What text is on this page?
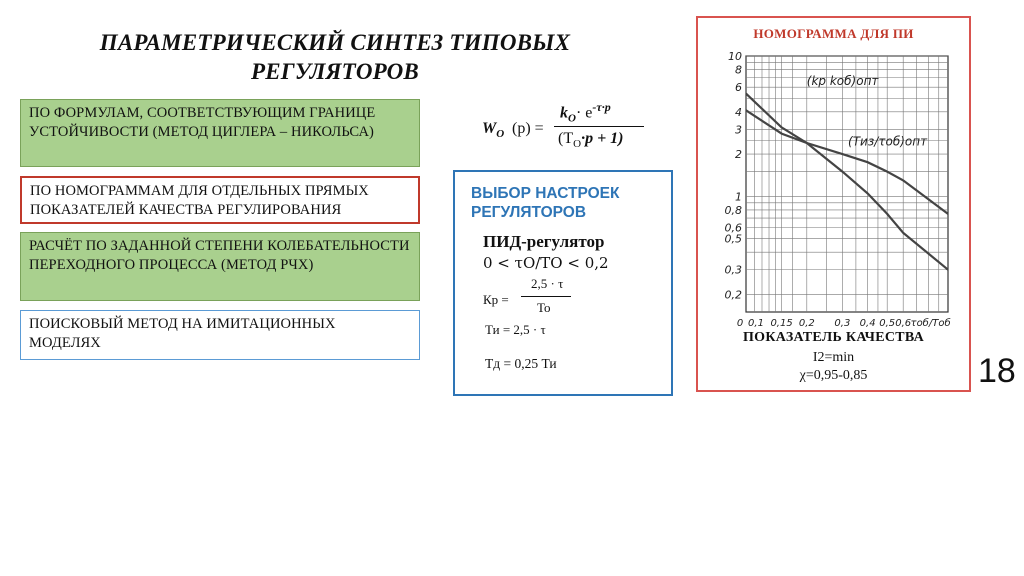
ПАРАМЕТРИЧЕСКИЙ СИНТЕЗ ТИПОВЫХ
РЕГУЛЯТОРОВ
ПО ФОРМУЛАМ, СООТВЕТСТВУЮЩИМ ГРАНИЦЕ УСТОЙЧИВОСТИ (МЕТОД ЦИГЛЕРА – НИКОЛЬСА)
ПО НОМОГРАММАМ ДЛЯ ОТДЕЛЬНЫХ ПРЯМЫХ ПОКАЗАТЕЛЕЙ КАЧЕСТВА РЕГУЛИРОВАНИЯ
РАСЧЁТ ПО ЗАДАННОЙ СТЕПЕНИ КОЛЕБАТЕЛЬНОСТИ ПЕРЕХОДНОГО ПРОЦЕССА (МЕТОД РЧХ)
ПОИСКОВЫЙ МЕТОД НА ИМИТАЦИОННЫХ МОДЕЛЯХ
$W_O$ (p) =
$k_O\cdot e^{-\tau\cdot p}$
$(T_O\cdot p + 1)$
ВЫБОР НАСТРОЕК РЕГУЛЯТОРОВ
ПИД-регулятор
0 < τO/TO < 0,2
Кр =
2,5 · τ
To
Ти = 2,5 · τ
Тд = 0,25 Ти
НОМОГРАММА ДЛЯ ПИ
10
8
6
4
3
2
1
0,8
0,6
0,5
0,3
0,2
0 0,1 0,15 0,2 0,3 0,4 0,5 0,6 τоб/Tоб
(kр kоб)опт
(Tиз/τоб)опт
ПОКАЗАТЕЛЬ КАЧЕСТВА
I2=min
χ=0,95-0,85	18
